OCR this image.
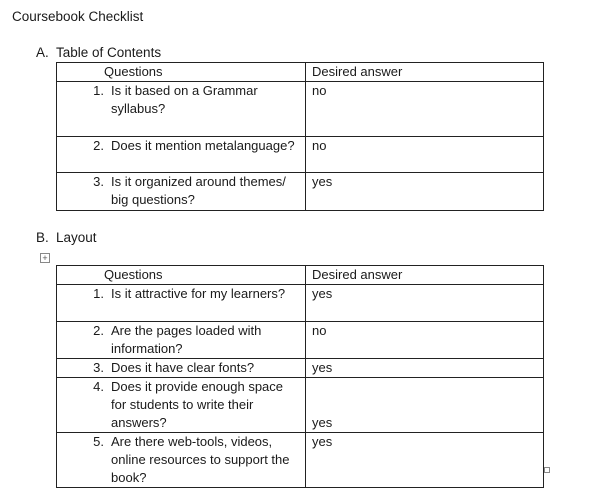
Coursebook Checklist
A. Table of Contents
Questions	Desired answer

1. Is it based on a Grammar syllabus?	no

2. Does it mention metalanguage?	no

3. Is it organized around themes/ big questions?	yes
B. Layout
+
Questions	Desired answer

1. Is it attractive for my learners?	yes

2. Are the pages loaded with information?	no

3. Does it have clear fonts?	yes

4. Does it provide enough space for students to write their answers?	yes

5. Are there web-tools, videos, online resources to support the book?	yes
